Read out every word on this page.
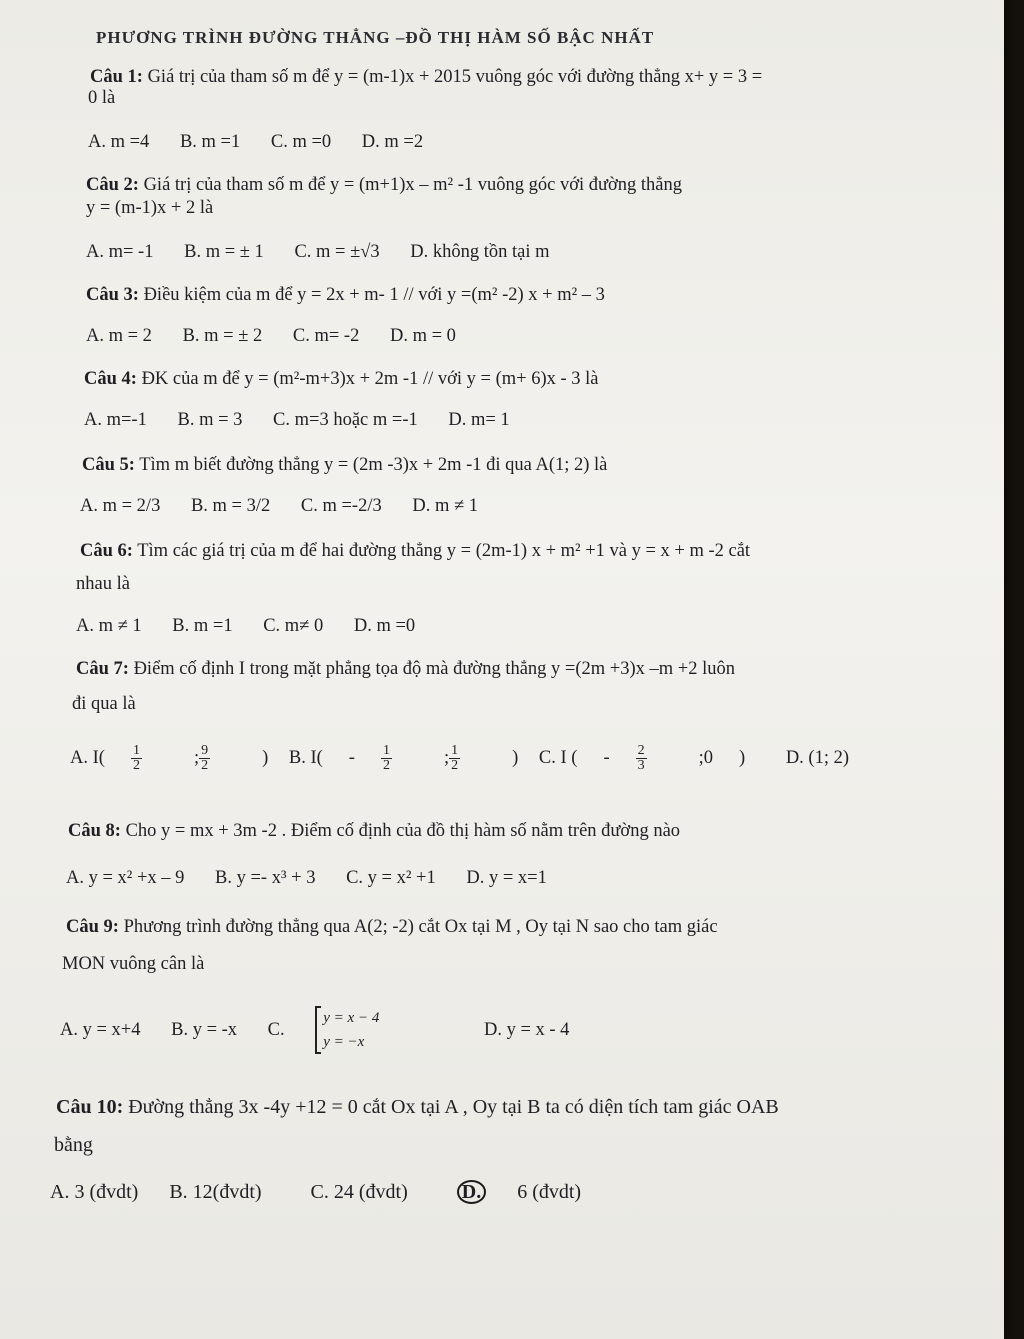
PHƯƠNG TRÌNH ĐƯỜNG THẲNG –ĐỒ THỊ HÀM SỐ BẬC NHẤT
Câu 1: Giá trị của tham số m để y = (m-1)x + 2015 vuông góc với đường thẳng x+ y = 3 =
0 là
A. m =4 B. m =1 C. m =0 D. m =2
Câu 2: Giá trị của tham số m để y = (m+1)x – m² -1 vuông góc với đường thẳng
y = (m-1)x + 2 là
A. m= -1 B. m = ± 1 C. m = ±√3 D. không tồn tại m
Câu 3: Điều kiệm của m để y = 2x + m- 1 // với y =(m² -2) x + m² – 3
A. m = 2 B. m = ± 2 C. m= -2 D. m = 0
Câu 4: ĐK của m để y = (m²-m+3)x + 2m -1 // với y = (m+ 6)x - 3 là
A. m=-1 B. m = 3 C. m=3 hoặc m =-1 D. m= 1
Câu 5: Tìm m biết đường thẳng y = (2m -3)x + 2m -1 đi qua A(1; 2) là
A. m = 2/3 B. m = 3/2 C. m =-2/3 D. m ≠ 1
Câu 6: Tìm các giá trị của m để hai đường thẳng y = (2m-1) x + m² +1 và y = x + m -2 cắt
nhau là
A. m ≠ 1 B. m =1 C. m≠ 0 D. m =0
Câu 7: Điểm cố định I trong mặt phẳng tọa độ mà đường thẳng y =(2m +3)x –m +2 luôn
đi qua là
A. $I( \frac{1}{2}$ ; $\frac{9}{2}$ ) B. $I( - \frac{1}{2}$ ; $\frac{1}{2}$ ) C. I ( - $\frac{2}{3}$ ;0 ) D. (1; 2)
Câu 8: Cho y = mx + 3m -2 . Điểm cố định của đồ thị hàm số nằm trên đường nào
A. y = x² +x – 9 B. y =- x³ + 3 C. y = x² +1 D. y = x=1
Câu 9: Phương trình đường thẳng qua A(2; -2) cắt Ox tại M , Oy tại N sao cho tam giác
MON vuông cân là
A. y = x+4 B. y = -x C.
y = x − 4
y = −x
D. y = x - 4
Câu 10: Đường thẳng 3x -4y +12 = 0 cắt Ox tại A , Oy tại B ta có diện tích tam giác OAB
bằng
A. 3 (đvdt) B. 12(đvdt) C. 24 (đvdt)	D. 6 (đvdt)
